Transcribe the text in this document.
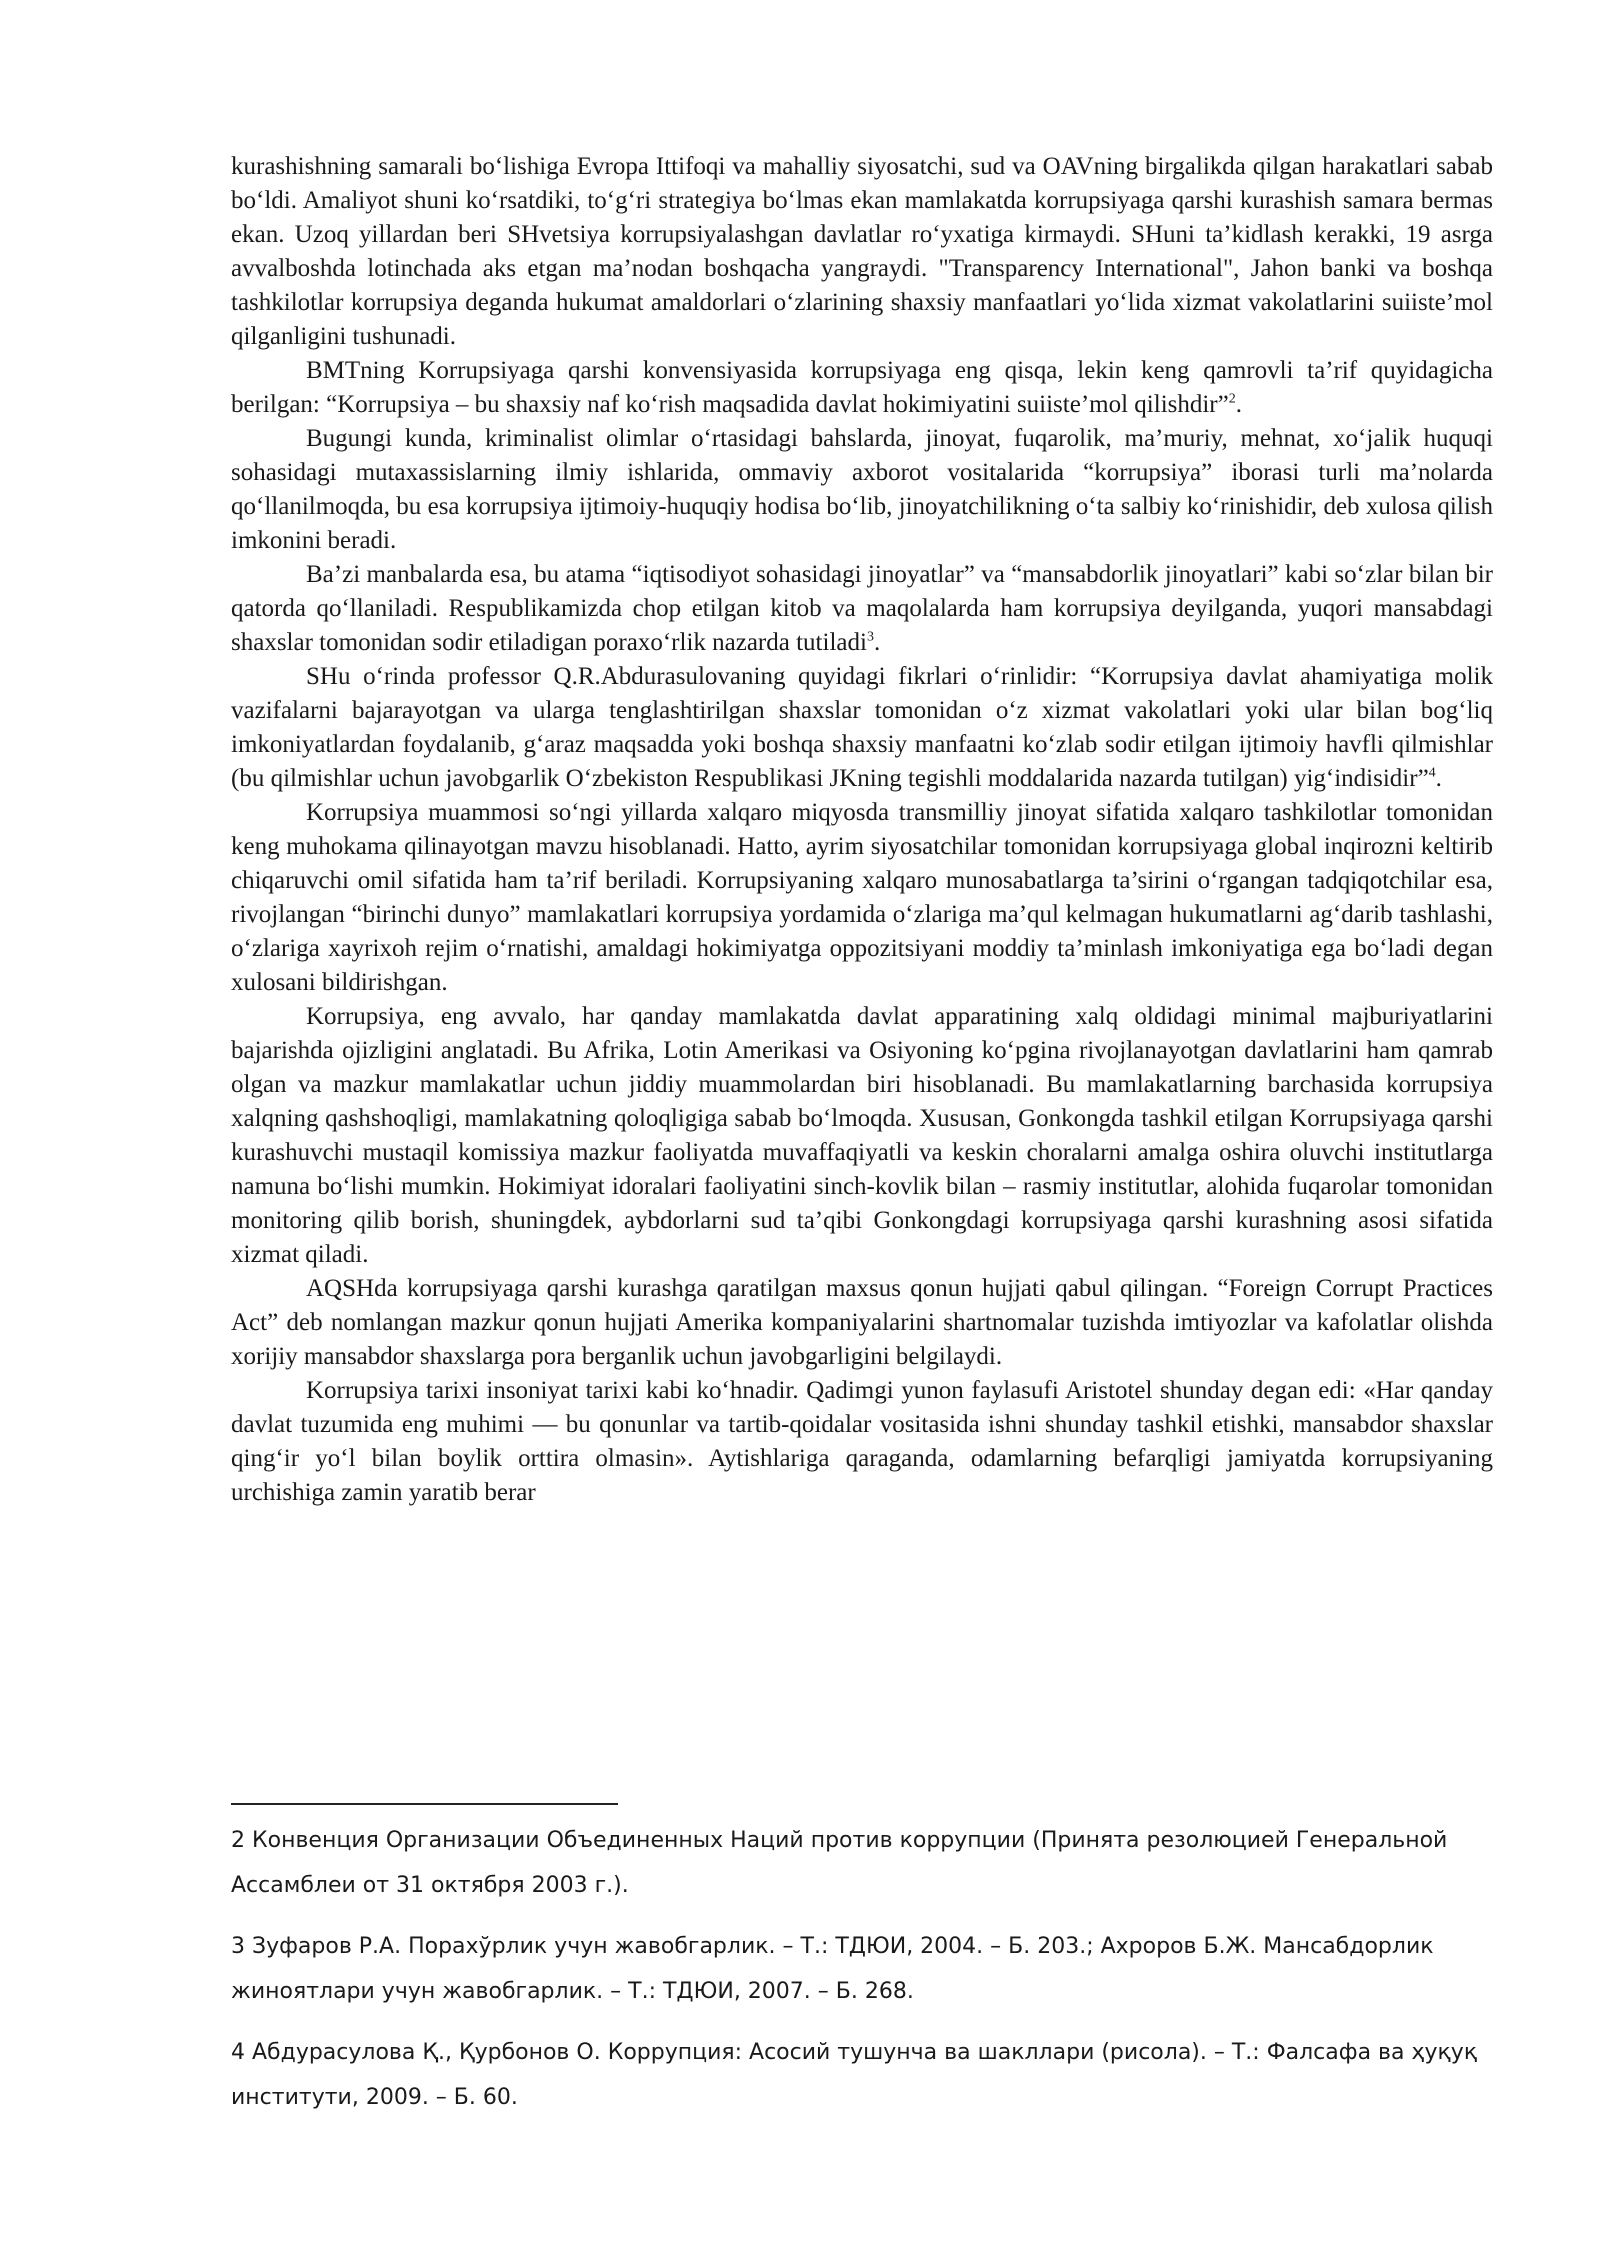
kurashishning samarali bo‘lishiga Evropa Ittifoqi va mahalliy siyosatchi, sud va OAVning birgalikda qilgan harakatlari sabab bo‘ldi. Amaliyot shuni ko‘rsatdiki, to‘g‘ri strategiya bo‘lmas ekan mamlakatda korrupsiyaga qarshi kurashish samara bermas ekan. Uzoq yillardan beri SHvetsiya korrupsiyalashgan davlatlar ro‘yxatiga kirmaydi. SHuni ta’kidlash kerakki, 19 asrga avvalboshda lotinchada aks etgan ma’nodan boshqacha yangraydi. "Transparency International", Jahon banki va boshqa tashkilotlar korrupsiya deganda hukumat amaldorlari o‘zlarining shaxsiy manfaatlari yo‘lida xizmat vakolatlarini suiiste’mol qilganligini tushunadi.

BMTning Korrupsiyaga qarshi konvensiyasida korrupsiyaga eng qisqa, lekin keng qamrovli ta’rif quyidagicha berilgan: “Korrupsiya – bu shaxsiy naf ko‘rish maqsadida davlat hokimiyatini suiiste’mol qilishdir”$^2$.

Bugungi kunda, kriminalist olimlar o‘rtasidagi bahslarda, jinoyat, fuqarolik, ma’muriy, mehnat, xo‘jalik huquqi sohasidagi mutaxassislarning ilmiy ishlarida, ommaviy axborot vositalarida “korrupsiya” iborasi turli ma’nolarda qo‘llanilmoqda, bu esa korrupsiya ijtimoiy-huquqiy hodisa bo‘lib, jinoyatchilikning o‘ta salbiy ko‘rinishidir, deb xulosa qilish imkonini beradi.

Ba’zi manbalarda esa, bu atama “iqtisodiyot sohasidagi jinoyatlar” va “mansabdorlik jinoyatlari” kabi so‘zlar bilan bir qatorda qo‘llaniladi. Respublikamizda chop etilgan kitob va maqolalarda ham korrupsiya deyilganda, yuqori mansabdagi shaxslar tomonidan sodir etiladigan poraxo‘rlik nazarda tutiladi$^3$.

SHu o‘rinda professor Q.R.Abdurasulovaning quyidagi fikrlari o‘rinlidir: “Korrupsiya davlat ahamiyatiga molik vazifalarni bajarayotgan va ularga tenglashtirilgan shaxslar tomonidan o‘z xizmat vakolatlari yoki ular bilan bog‘liq imkoniyatlardan foydalanib, g‘araz maqsadda yoki boshqa shaxsiy manfaatni ko‘zlab sodir etilgan ijtimoiy havfli qilmishlar (bu qilmishlar uchun javobgarlik O‘zbekiston Respublikasi JKning tegishli moddalarida nazarda tutilgan) yig‘indisidir”$^4$.

Korrupsiya muammosi so‘ngi yillarda xalqaro miqyosda transmilliy jinoyat sifatida xalqaro tashkilotlar tomonidan keng muhokama qilinayotgan mavzu hisoblanadi. Hatto, ayrim siyosatchilar tomonidan korrupsiyaga global inqirozni keltirib chiqaruvchi omil sifatida ham ta’rif beriladi. Korrupsiyaning xalqaro munosabatlarga ta’sirini o‘rgangan tadqiqotchilar esa, rivojlangan “birinchi dunyo” mamlakatlari korrupsiya yordamida o‘zlariga ma’qul kelmagan hukumatlarni ag‘darib tashlashi, o‘zlariga xayrixoh rejim o‘rnatishi, amaldagi hokimiyatga oppozitsiyani moddiy ta’minlash imkoniyatiga ega bo‘ladi degan xulosani bildirishgan.

Korrupsiya, eng avvalo, har qanday mamlakatda davlat apparatining xalq oldidagi minimal majburiyatlarini bajarishda ojizligini anglatadi. Bu Afrika, Lotin Amerikasi va Osiyoning ko‘pgina rivojlanayotgan davlatlarini ham qamrab olgan va mazkur mamlakatlar uchun jiddiy muammolardan biri hisoblanadi. Bu mamlakatlarning barchasida korrupsiya xalqning qashshoqligi, mamlakatning qoloqligiga sabab bo‘lmoqda. Xususan, Gonkongda tashkil etilgan Korrupsiyaga qarshi kurashuvchi mustaqil komissiya mazkur faoliyatda muvaffaqiyatli va keskin choralarni amalga oshira oluvchi institutlarga namuna bo‘lishi mumkin. Hokimiyat idoralari faoliyatini sinch-kovlik bilan – rasmiy institutlar, alohida fuqarolar tomonidan monitoring qilib borish, shuningdek, aybdorlarni sud ta’qibi Gonkongdagi korrupsiyaga qarshi kurashning asosi sifatida xizmat qiladi.

AQSHda korrupsiyaga qarshi kurashga qaratilgan maxsus qonun hujjati qabul qilingan. “Foreign Corrupt Practices Act” deb nomlangan mazkur qonun hujjati Amerika kompaniyalarini shartnomalar tuzishda imtiyozlar va kafolatlar olishda xorijiy mansabdor shaxslarga pora berganlik uchun javobgarligini belgilaydi.

Korrupsiya tarixi insoniyat tarixi kabi ko‘hnadir. Qadimgi yunon faylasufi Aristotel shunday degan edi: «Har qanday davlat tuzumida eng muhimi — bu qonunlar va tartib-qoidalar vositasida ishni shunday tashkil etishki, mansabdor shaxslar qing‘ir yo‘l bilan boylik orttira olmasin». Aytishlariga qaraganda, odamlarning befarqligi jamiyatda korrupsiyaning urchishiga zamin yaratib berar

2 Конвенция Организации Объединенных Наций против коррупции (Принята резолюцией Генеральной Ассамблеи от 31 октября 2003 г.).

3 Зуфаров Р.А. Порахўрлик учун жавобгарлик. – Т.: ТДЮИ, 2004. – Б. 203.; Ахроров Б.Ж. Мансабдорлик жиноятлари учун жавобгарлик. – Т.: ТДЮИ, 2007. – Б. 268.

4 Абдурасулова Қ., Қурбонов О. Коррупция: Асосий тушунча ва шакллари (рисола). – Т.: Фалсафа ва ҳуқуқ институти, 2009. – Б. 60.
